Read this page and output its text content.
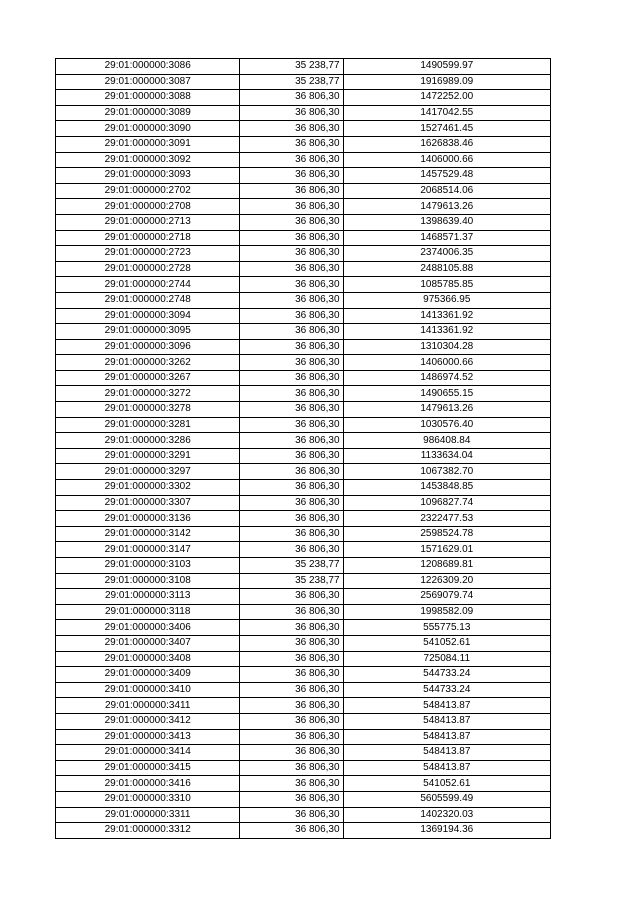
29:01:000000:3086	35 238,77	1490599.97
29:01:000000:3087	35 238,77	1916989.09
29:01:000000:3088	36 806,30	1472252.00
29:01:000000:3089	36 806,30	1417042.55
29:01:000000:3090	36 806,30	1527461.45
29:01:000000:3091	36 806,30	1626838.46
29:01:000000:3092	36 806,30	1406000.66
29:01:000000:3093	36 806,30	1457529.48
29:01:000000:2702	36 806,30	2068514.06
29:01:000000:2708	36 806,30	1479613.26
29:01:000000:2713	36 806,30	1398639.40
29:01:000000:2718	36 806,30	1468571.37
29:01:000000:2723	36 806,30	2374006.35
29:01:000000:2728	36 806,30	2488105.88
29:01:000000:2744	36 806,30	1085785.85
29:01:000000:2748	36 806,30	975366.95
29:01:000000:3094	36 806,30	1413361.92
29:01:000000:3095	36 806,30	1413361.92
29:01:000000:3096	36 806,30	1310304.28
29:01:000000:3262	36 806,30	1406000.66
29:01:000000:3267	36 806,30	1486974.52
29:01:000000:3272	36 806,30	1490655.15
29:01:000000:3278	36 806,30	1479613.26
29:01:000000:3281	36 806,30	1030576.40
29:01:000000:3286	36 806,30	986408.84
29:01:000000:3291	36 806,30	1133634.04
29:01:000000:3297	36 806,30	1067382.70
29:01:000000:3302	36 806,30	1453848.85
29:01:000000:3307	36 806,30	1096827.74
29:01:000000:3136	36 806,30	2322477.53
29:01:000000:3142	36 806,30	2598524.78
29:01:000000:3147	36 806,30	1571629.01
29:01:000000:3103	35 238,77	1208689.81
29:01:000000:3108	35 238,77	1226309.20
29:01:000000:3113	36 806,30	2569079.74
29:01:000000:3118	36 806,30	1998582.09
29:01:000000:3406	36 806,30	555775.13
29:01:000000:3407	36 806,30	541052.61
29:01:000000:3408	36 806,30	725084.11
29:01:000000:3409	36 806,30	544733.24
29:01:000000:3410	36 806,30	544733.24
29:01:000000:3411	36 806,30	548413.87
29:01:000000:3412	36 806,30	548413.87
29:01:000000:3413	36 806,30	548413.87
29:01:000000:3414	36 806,30	548413.87
29:01:000000:3415	36 806,30	548413.87
29:01:000000:3416	36 806,30	541052.61
29:01:000000:3310	36 806,30	5605599.49
29:01:000000:3311	36 806,30	1402320.03
29:01:000000:3312	36 806,30	1369194.36
